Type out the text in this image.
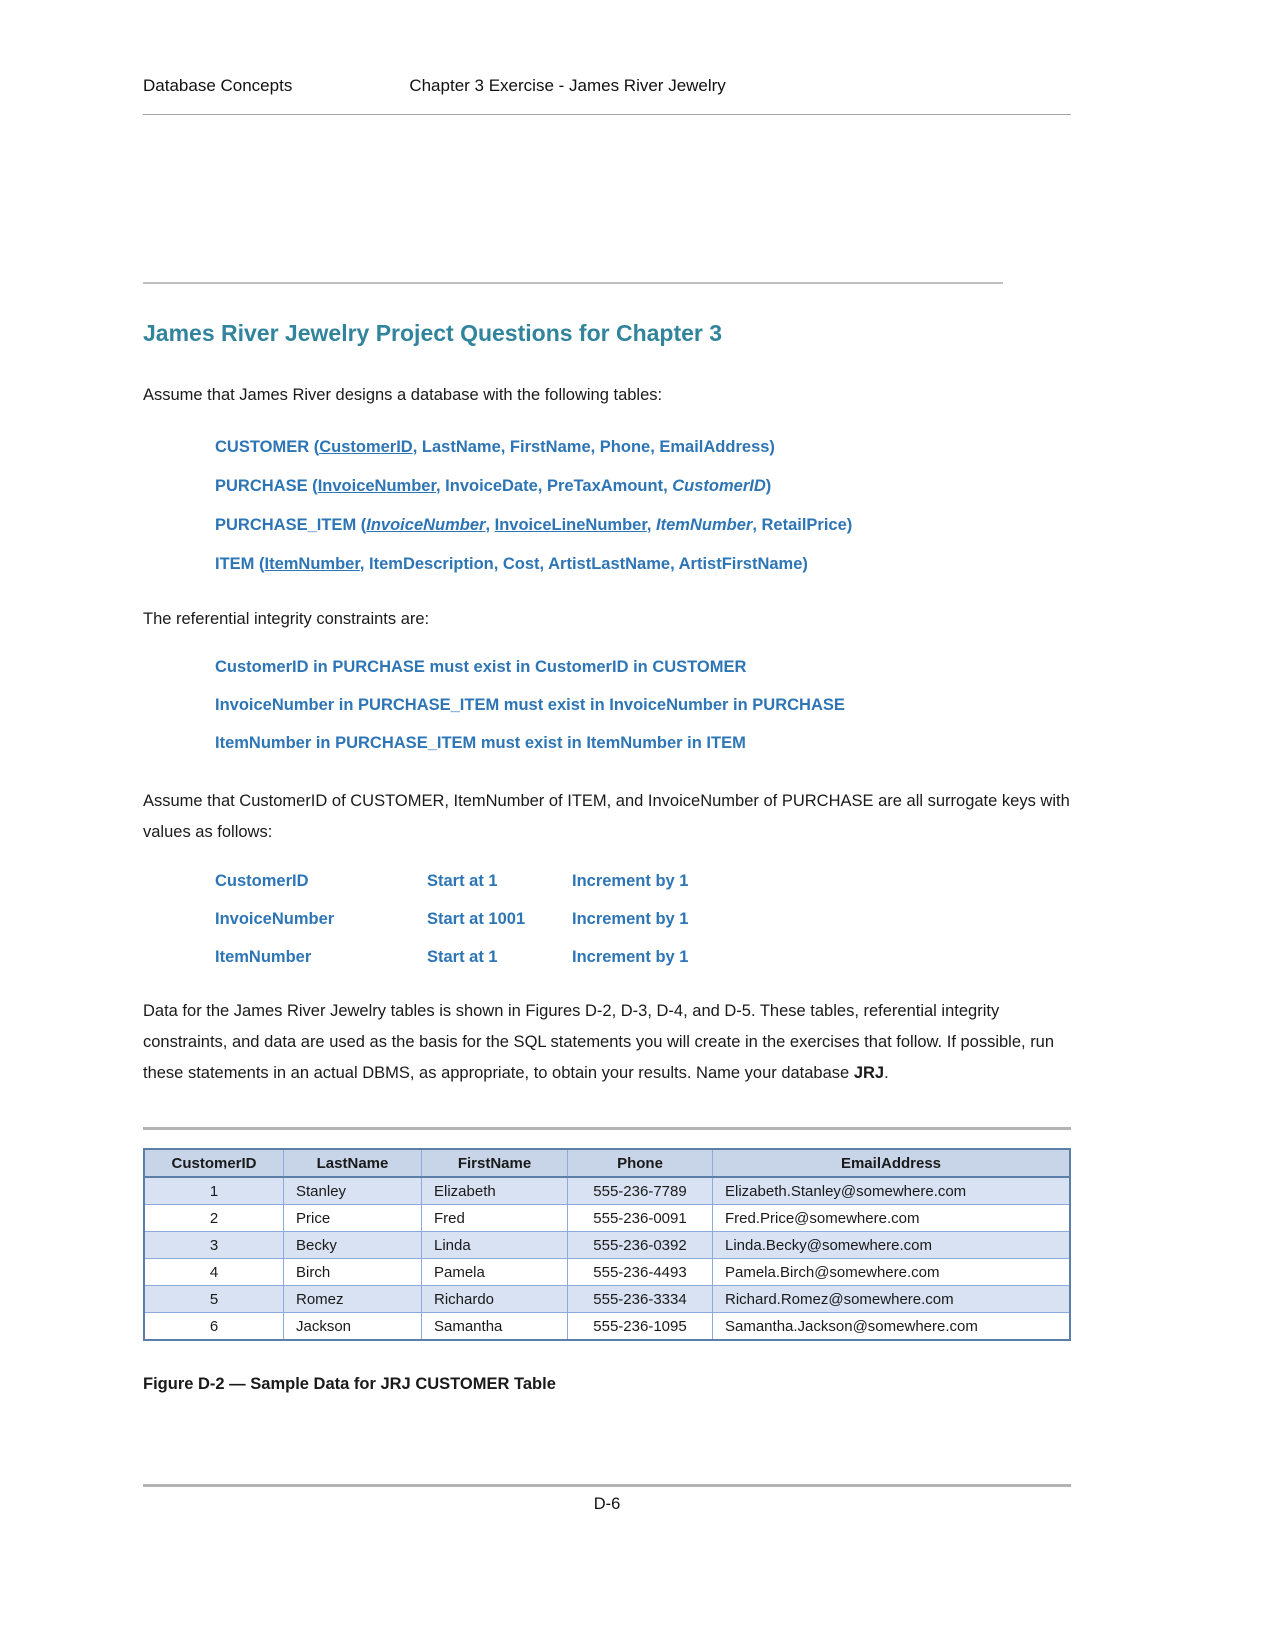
Database Concepts	Chapter 3 Exercise - James River Jewelry
James River Jewelry Project Questions for Chapter 3

Assume that James River designs a database with the following tables:

CUSTOMER (CustomerID, LastName, FirstName, Phone, EmailAddress)

PURCHASE (InvoiceNumber, InvoiceDate, PreTaxAmount, CustomerID)

PURCHASE_ITEM (InvoiceNumber, InvoiceLineNumber, ItemNumber, RetailPrice)

ITEM (ItemNumber, ItemDescription, Cost, ArtistLastName, ArtistFirstName)

The referential integrity constraints are:

CustomerID in PURCHASE must exist in CustomerID in CUSTOMER

InvoiceNumber in PURCHASE_ITEM must exist in InvoiceNumber in PURCHASE

ItemNumber in PURCHASE_ITEM must exist in ItemNumber in ITEM

Assume that CustomerID of CUSTOMER, ItemNumber of ITEM, and InvoiceNumber of PURCHASE are all surrogate keys with values as follows:

CustomerID	Start at 1	Increment by 1
InvoiceNumber	Start at 1001	Increment by 1
ItemNumber	Start at 1	Increment by 1

Data for the James River Jewelry tables is shown in Figures D-2, D-3, D-4, and D-5. These tables, referential integrity constraints, and data are used as the basis for the SQL statements you will create in the exercises that follow. If possible, run these statements in an actual DBMS, as appropriate, to obtain your results. Name your database JRJ.

CustomerID	LastName	FirstName	Phone	EmailAddress
1	Stanley	Elizabeth	555-236-7789	Elizabeth.Stanley@somewhere.com
2	Price	Fred	555-236-0091	Fred.Price@somewhere.com
3	Becky	Linda	555-236-0392	Linda.Becky@somewhere.com
4	Birch	Pamela	555-236-4493	Pamela.Birch@somewhere.com
5	Romez	Richardo	555-236-3334	Richard.Romez@somewhere.com
6	Jackson	Samantha	555-236-1095	Samantha.Jackson@somewhere.com

Figure D-2 — Sample Data for JRJ CUSTOMER Table

D-6
